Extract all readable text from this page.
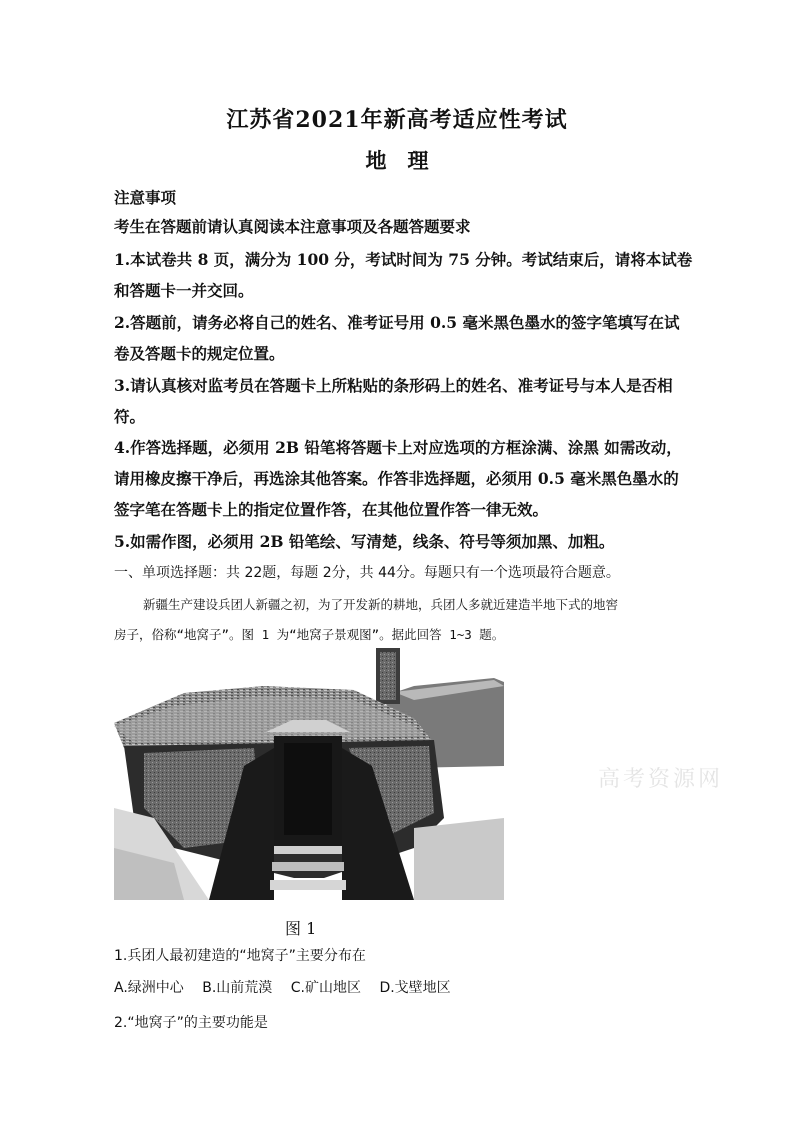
江苏省2021年新高考适应性考试
地　理
注意事项
考生在答题前请认真阅读本注意事项及各题答题要求
1.本试卷共 8 页，满分为 100 分，考试时间为 75 分钟。考试结束后，请将本试卷
和答题卡一并交回。
2.答题前，请务必将自己的姓名、准考证号用 0.5 毫米黑色墨水的签字笔填写在试
卷及答题卡的规定位置。
3.请认真核对监考员在答题卡上所粘贴的条形码上的姓名、准考证号与本人是否相
符。
4.作答选择题，必须用 2B 铅笔将答题卡上对应选项的方框涂满、涂黑 如需改动，
请用橡皮擦干净后，再选涂其他答案。作答非选择题，必须用 0.5 毫米黑色墨水的
签字笔在答题卡上的指定位置作答，在其他位置作答一律无效。
5.如需作图，必须用 2B 铅笔绘、写清楚，线条、符号等须加黑、加粗。
一、单项选择题：共 22题，每题 2分，共 44分。每题只有一个选项最符合题意。
新疆生产建设兵团人新疆之初，为了开发新的耕地，兵团人多就近建造半地下式的地窖
房子，俗称“地窝子”。图 1 为“地窝子景观图”。据此回答 1~3 题。
高考资源网
图 1
1.兵团人最初建造的“地窝子”主要分布在
A.绿洲中心 B.山前荒漠 C.矿山地区 D.戈壁地区
2.“地窝子”的主要功能是
